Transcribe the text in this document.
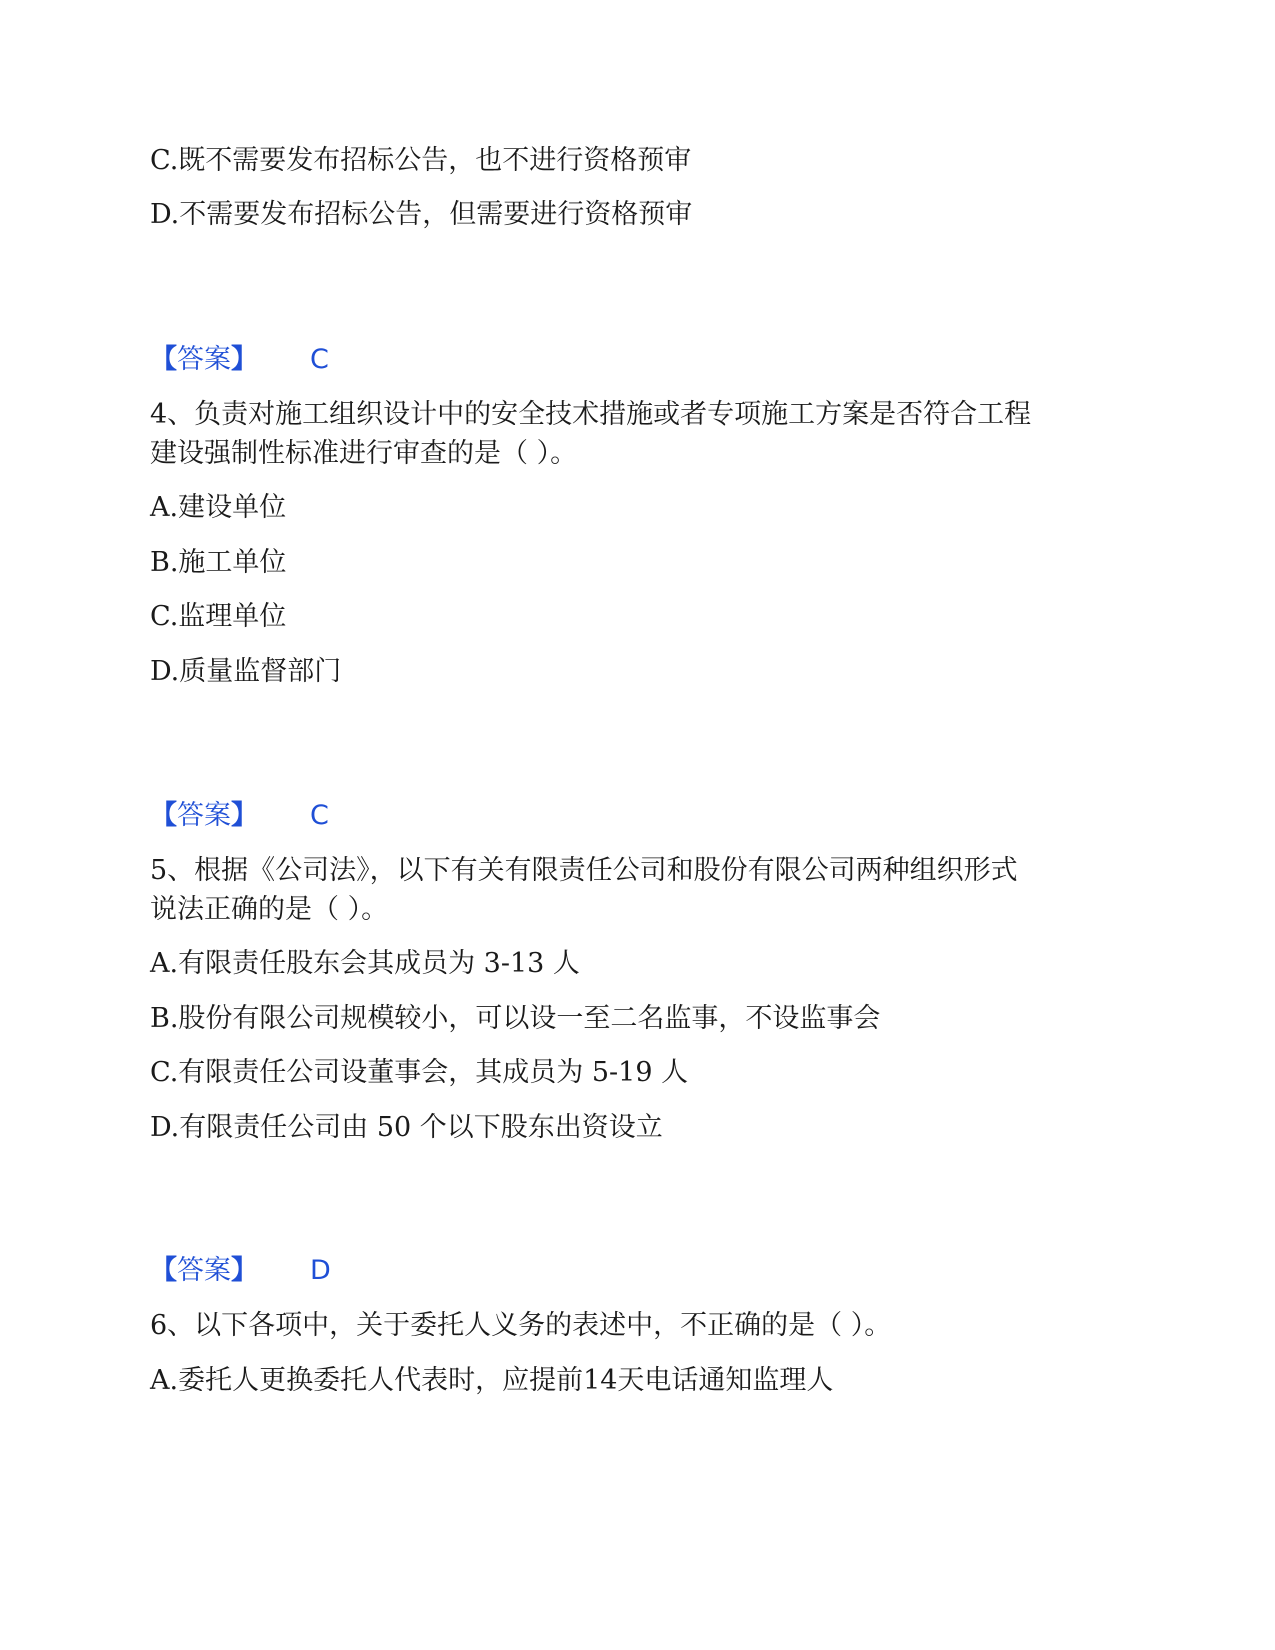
C.既不需要发布招标公告，也不进行资格预审
D.不需要发布招标公告，但需要进行资格预审
【答案】 C
4、负责对施工组织设计中的安全技术措施或者专项施工方案是否符合工程
建设强制性标准进行审查的是（ ）。
A.建设单位
B.施工单位
C.监理单位
D.质量监督部门
【答案】 C
5、根据《公司法》，以下有关有限责任公司和股份有限公司两种组织形式
说法正确的是（ ）。
A.有限责任股东会其成员为 3-13 人
B.股份有限公司规模较小，可以设一至二名监事，不设监事会
C.有限责任公司设董事会，其成员为 5-19 人
D.有限责任公司由 50 个以下股东出资设立
【答案】 D
6、以下各项中，关于委托人义务的表述中，不正确的是（ ）。
A.委托人更换委托人代表时，应提前14天电话通知监理人
